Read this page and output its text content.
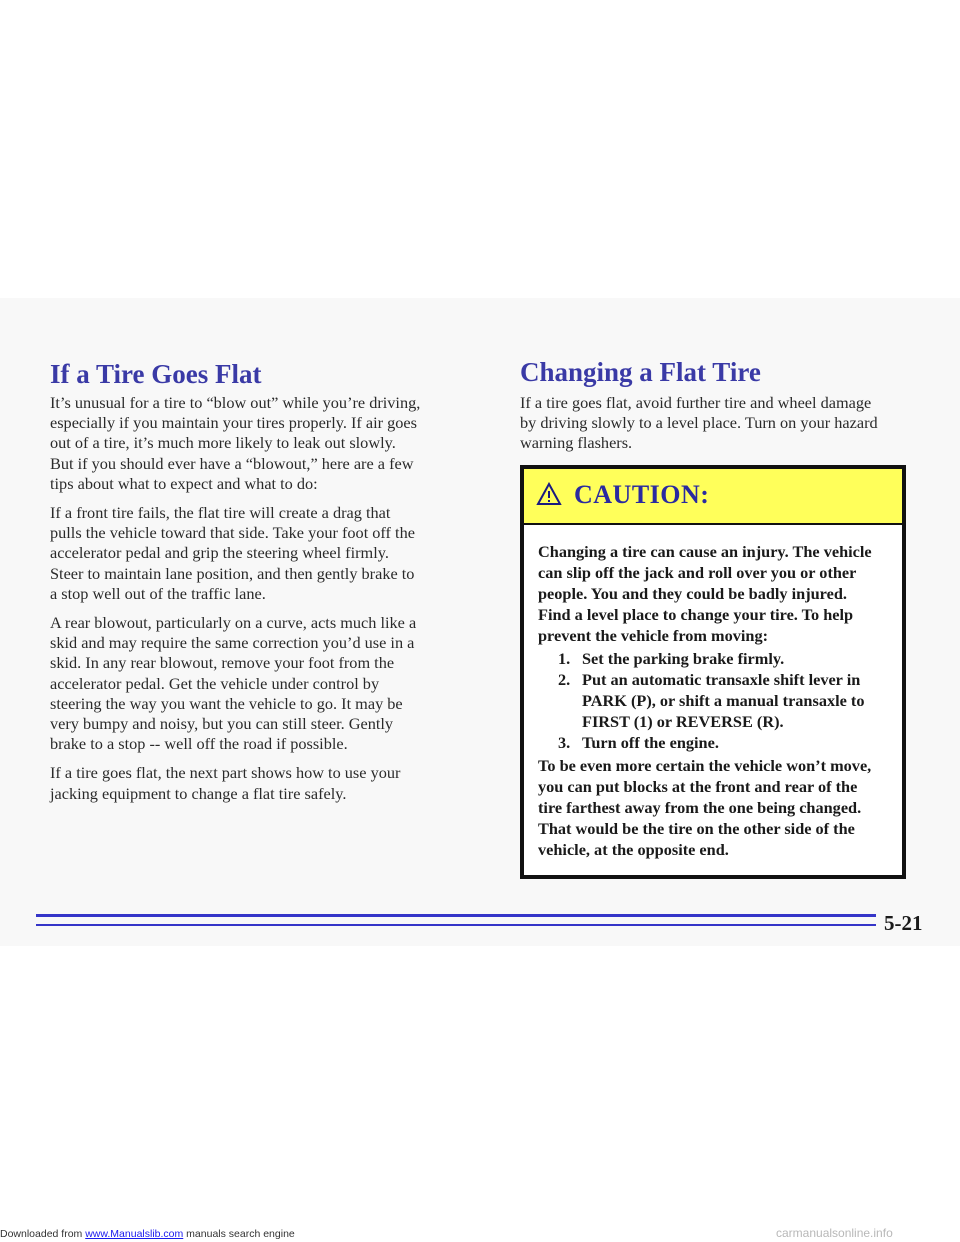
If a Tire Goes Flat

It’s unusual for a tire to “blow out” while you’re driving,
especially if you maintain your tires properly. If air goes
out of a tire, it’s much more likely to leak out slowly.
But if you should ever have a “blowout,” here are a few
tips about what to expect and what to do:

If a front tire fails, the flat tire will create a drag that
pulls the vehicle toward that side. Take your foot off the
accelerator pedal and grip the steering wheel firmly.
Steer to maintain lane position, and then gently brake to
a stop well out of the traffic lane.

A rear blowout, particularly on a curve, acts much like a
skid and may require the same correction you’d use in a
skid. In any rear blowout, remove your foot from the
accelerator pedal. Get the vehicle under control by
steering the way you want the vehicle to go. It may be
very bumpy and noisy, but you can still steer. Gently
brake to a stop -- well off the road if possible.

If a tire goes flat, the next part shows how to use your
jacking equipment to change a flat tire safely.

Changing a Flat Tire

If a tire goes flat, avoid further tire and wheel damage
by driving slowly to a level place. Turn on your hazard
warning flashers.

CAUTION:
Changing a tire can cause an injury. The vehicle
can slip off the jack and roll over you or other
people. You and they could be badly injured.
Find a level place to change your tire. To help
prevent the vehicle from moving:
1. Set the parking brake firmly.
2. Put an automatic transaxle shift lever in
PARK (P), or shift a manual transaxle to
FIRST (1) or REVERSE (R).
3. Turn off the engine.
To be even more certain the vehicle won’t move,
you can put blocks at the front and rear of the
tire farthest away from the one being changed.
That would be the tire on the other side of the
vehicle, at the opposite end.
5-21
Downloaded from www.Manualslib.com manuals search engine	carmanualsonline.info
